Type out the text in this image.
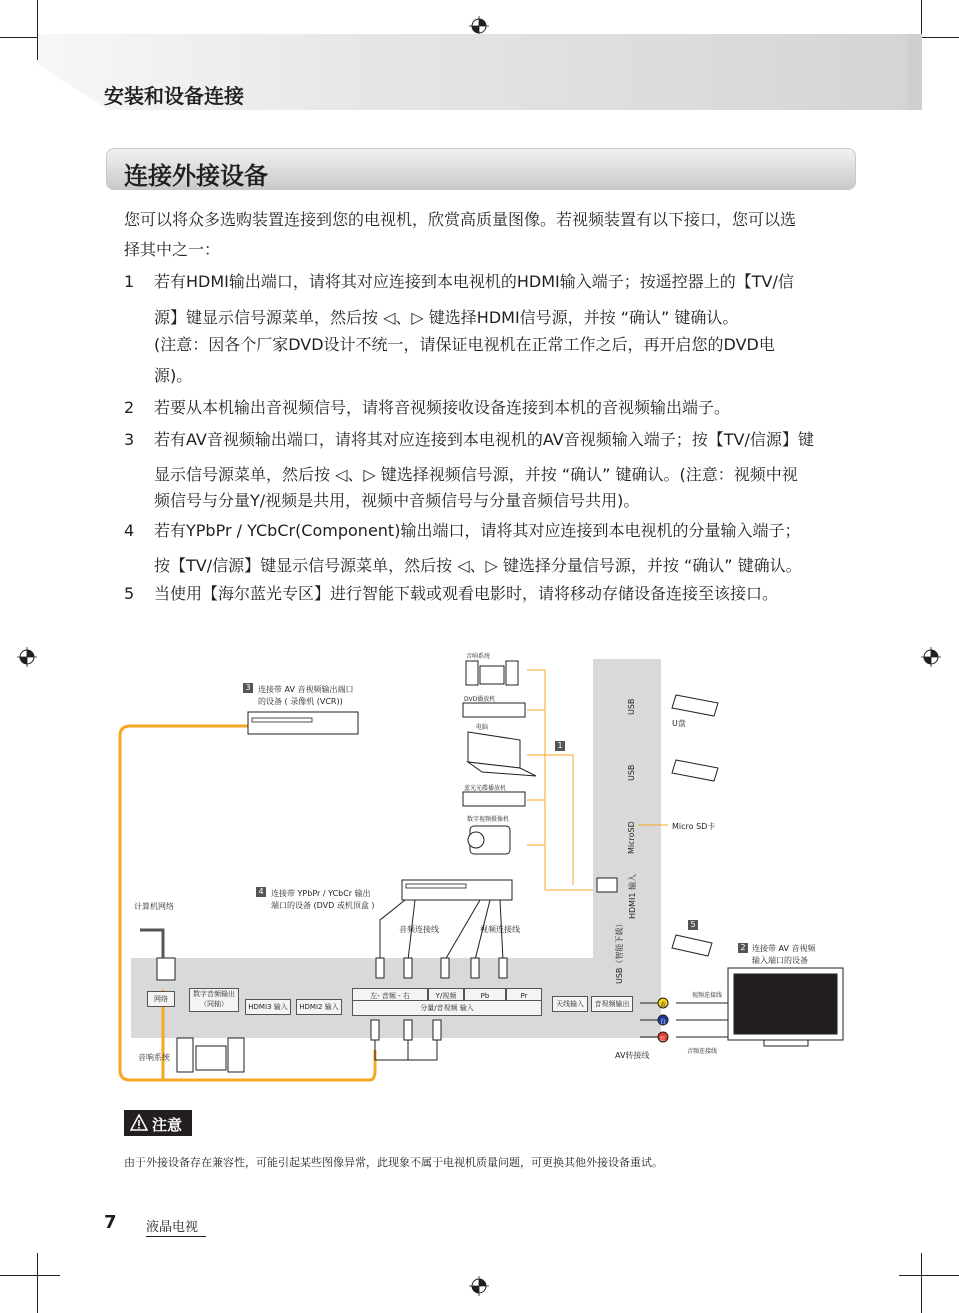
安装和设备连接
连接外接设备
您可以将众多选购装置连接到您的电视机，欣赏高质量图像。若视频装置有以下接口，您可以选
择其中之一：
1 若有HDMI输出端口，请将其对应连接到本电视机的HDMI输入端子；按遥控器上的【TV/信
源】键显示信号源菜单，然后按 ◁、▷ 键选择HDMI信号源，并按 “确认” 键确认。
(注意：因各个厂家DVD设计不统一，请保证电视机在正常工作之后，再开启您的DVD电
源)。
2 若要从本机输出音视频信号，请将音视频接收设备连接到本机的音视频输出端子。
3 若有AV音视频输出端口，请将其对应连接到本电视机的AV音视频输入端子；按【TV/信源】键
显示信号源菜单，然后按 ◁、▷ 键选择视频信号源，并按 “确认” 键确认。(注意：视频中视
频信号与分量Y/视频是共用，视频中音频信号与分量音频信号共用)。
4 若有YPbPr / YCbCr(Component)输出端口，请将其对应连接到本电视机的分量输入端子；
按【TV/信源】键显示信号源菜单，然后按 ◁、▷ 键选择分量信号源，并按 “确认” 键确认。
5 当使用【海尔蓝光专区】进行智能下载或观看电影时，请将移动存储设备连接至该接口。
3
1
4
5
2
音响系统
DVD播放机
电脑
蓝光光碟播放机
数字视频摄像机
连接带 AV 音视频输出端口
的设备 ( 录像机 (VCR))
连接带 YPbPr / YCbCr 输出
端口的设备 (DVD 或机顶盒 )
计算机网络
音频连接线	视频连接线
U盘
Micro SD卡
连接带 AV 音视频
输入端口的设备
视频连接线
音频连接线
AV转接线
音响系统
USB
USB
MicroSD
HDMI1 输入
USB（智能下载）
网络
数字音频输出
（同轴）	HDMI3 输入	HDMI2 输入
左- 音频 - 右	Y/视频	Pb	Pr
分量/音视频 输入	天线输入	音视频输出	黄
白
红
注意
由于外接设备存在兼容性，可能引起某些图像异常，此现象不属于电视机质量问题，可更换其他外接设备重试。
7 液晶电视
